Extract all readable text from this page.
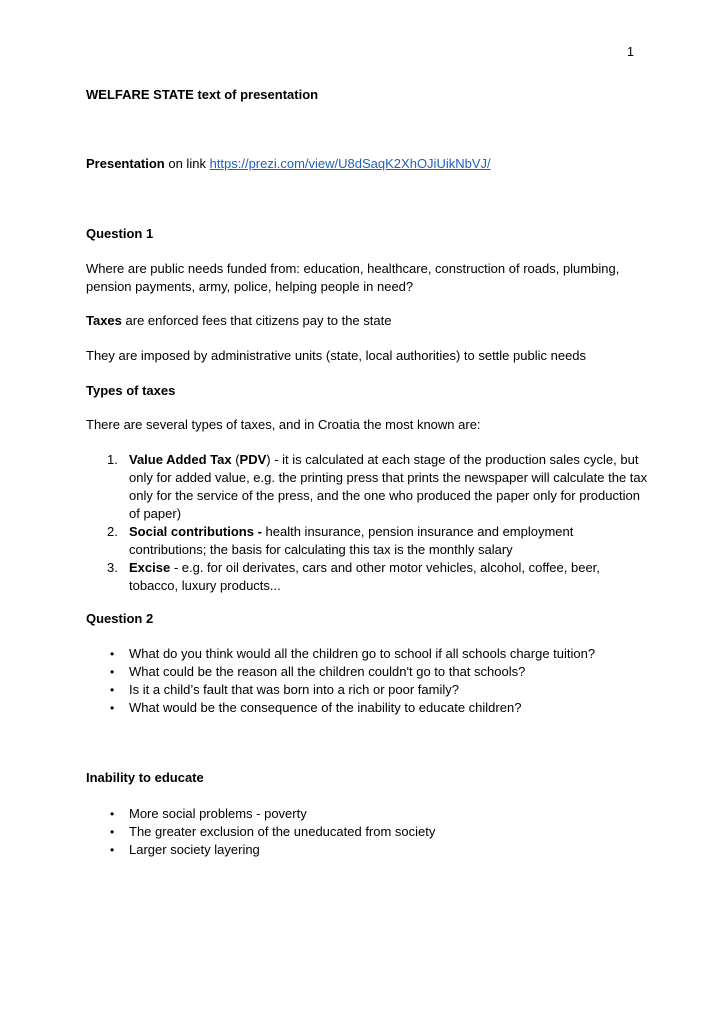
1
WELFARE STATE text of presentation
Presentation on link https://prezi.com/view/U8dSaqK2XhOJiUikNbVJ/
Question 1
Where are public needs funded from: education, healthcare, construction of roads, plumbing, pension payments, army, police, helping people in need?
Taxes are enforced fees that citizens pay to the state
They are imposed by administrative units (state, local authorities) to settle public needs
Types of taxes
There are several types of taxes, and in Croatia the most known are:
1. Value Added Tax (PDV) - it is calculated at each stage of the production sales cycle, but only for added value, e.g. the printing press that prints the newspaper will calculate the tax only for the service of the press, and the one who produced the paper only for production of paper)
2. Social contributions - health insurance, pension insurance and employment contributions; the basis for calculating this tax is the monthly salary
3. Excise - e.g. for oil derivates, cars and other motor vehicles, alcohol, coffee, beer, tobacco, luxury products...
Question 2
• What do you think would all the children go to school if all schools charge tuition?
• What could be the reason all the children couldn't go to that schools?
• Is it a child’s fault that was born into a rich or poor family?
• What would be the consequence of the inability to educate children?
Inability to educate
• More social problems - poverty
• The greater exclusion of the uneducated from society
• Larger society layering
